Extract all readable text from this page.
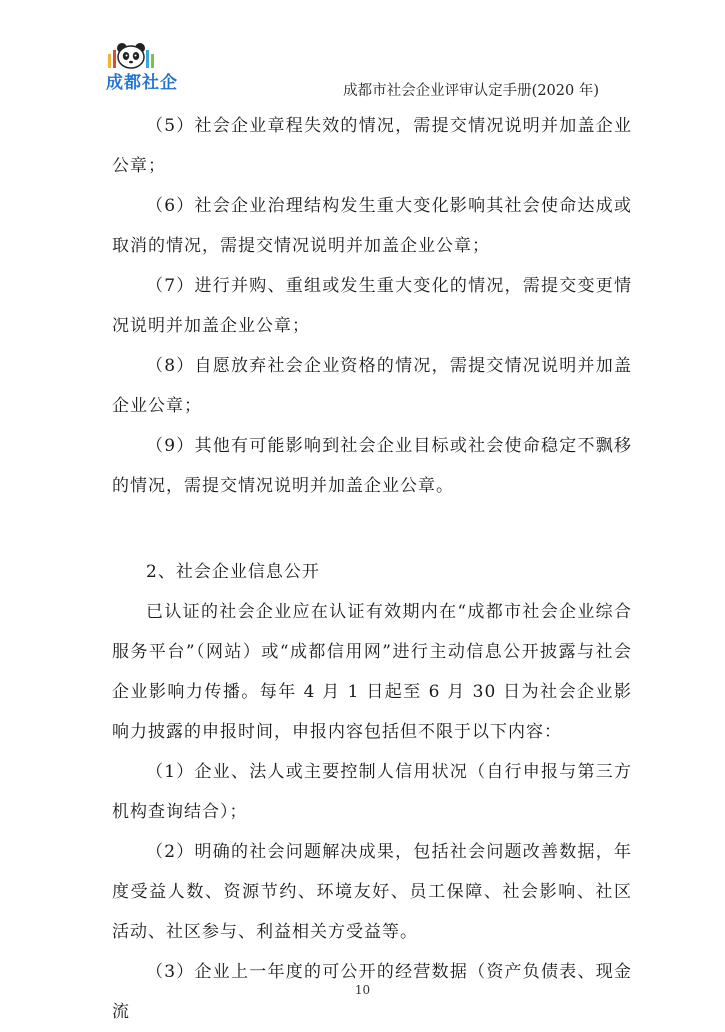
成都社企	成都市社会企业评审认定手册(2020 年)

（5）社会企业章程失效的情况，需提交情况说明并加盖企业公章；

（6）社会企业治理结构发生重大变化影响其社会使命达成或取消的情况，需提交情况说明并加盖企业公章；

（7）进行并购、重组或发生重大变化的情况，需提交变更情况说明并加盖企业公章；

（8）自愿放弃社会企业资格的情况，需提交情况说明并加盖企业公章；

（9）其他有可能影响到社会企业目标或社会使命稳定不飘移的情况，需提交情况说明并加盖企业公章。

2、社会企业信息公开

已认证的社会企业应在认证有效期内在“成都市社会企业综合服务平台”（网站）或“成都信用网”进行主动信息公开披露与社会企业影响力传播。每年 4 月 1 日起至 6 月 30 日为社会企业影响力披露的申报时间，申报内容包括但不限于以下内容：

（1）企业、法人或主要控制人信用状况（自行申报与第三方机构查询结合）；

（2）明确的社会问题解决成果，包括社会问题改善数据，年度受益人数、资源节约、环境友好、员工保障、社会影响、社区活动、社区参与、利益相关方受益等。

（3）企业上一年度的可公开的经营数据（资产负债表、现金流

10
